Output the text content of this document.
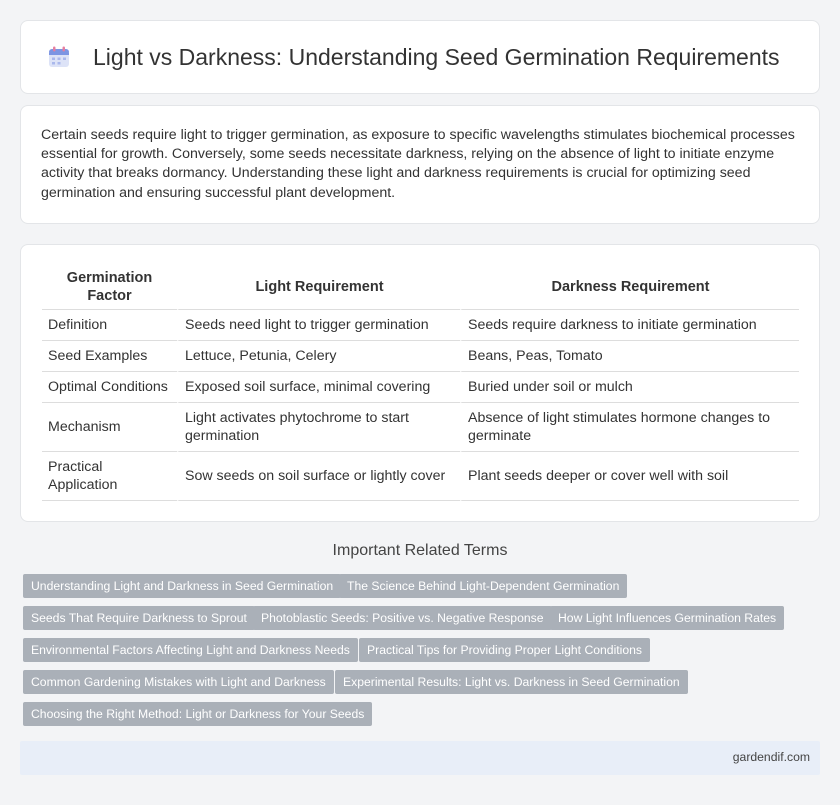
Light vs Darkness: Understanding Seed Germination Requirements

Certain seeds require light to trigger germination, as exposure to specific wavelengths stimulates biochemical processes essential for growth. Conversely, some seeds necessitate darkness, relying on the absence of light to initiate enzyme activity that breaks dormancy. Understanding these light and darkness requirements is crucial for optimizing seed germination and ensuring successful plant development.

Germination Factor	Light Requirement	Darkness Requirement
Definition	Seeds need light to trigger germination	Seeds require darkness to initiate germination
Seed Examples	Lettuce, Petunia, Celery	Beans, Peas, Tomato
Optimal Conditions	Exposed soil surface, minimal covering	Buried under soil or mulch
Mechanism	Light activates phytochrome to start germination	Absence of light stimulates hormone changes to germinate
Practical Application	Sow seeds on soil surface or lightly cover	Plant seeds deeper or cover well with soil
Important Related Terms
Understanding Light and Darkness in Seed Germination	The Science Behind Light-Dependent Germination
Seeds That Require Darkness to Sprout	Photoblastic Seeds: Positive vs. Negative Response	How Light Influences Germination Rates
Environmental Factors Affecting Light and Darkness Needs	Practical Tips for Providing Proper Light Conditions
Common Gardening Mistakes with Light and Darkness	Experimental Results: Light vs. Darkness in Seed Germination
Choosing the Right Method: Light or Darkness for Your Seeds
gardendif.com
